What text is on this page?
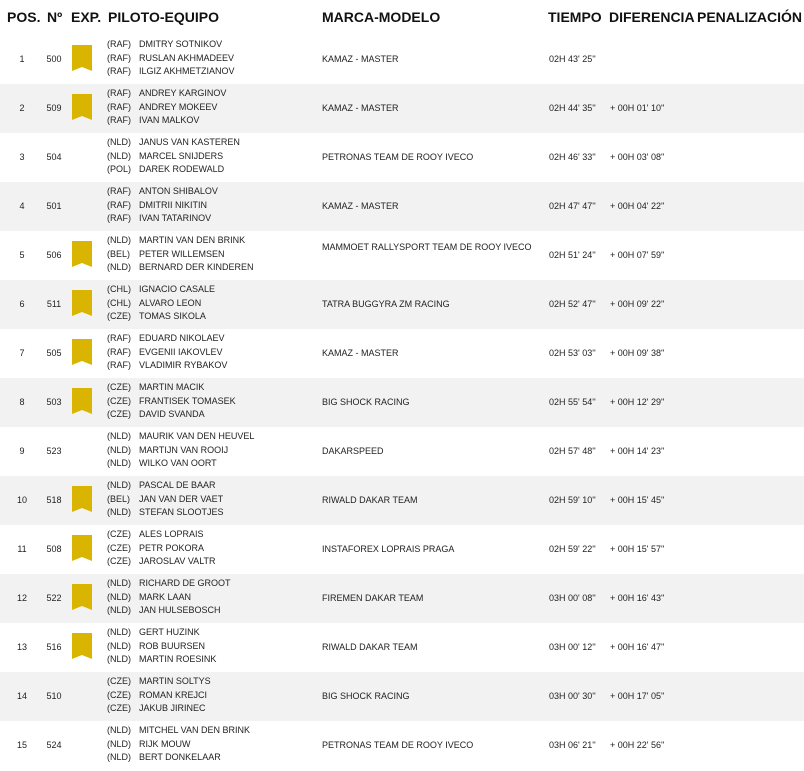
POS. Nº EXP. PILOTO-EQUIPO	MARCA-MODELO	TIEMPO DIFERENCIA PENALIZACIÓN
1	500
(RAF) DMITRY SOTNIKOV
(RAF) RUSLAN AKHMADEEV
(RAF) ILGIZ AKHMETZIANOV
KAMAZ - MASTER	02H 43' 25''
2	509
(RAF) ANDREY KARGINOV
(RAF) ANDREY MOKEEV
(RAF) IVAN MALKOV
KAMAZ - MASTER	02H 44' 35'' + 00H 01' 10''
3	504
(NLD) JANUS VAN KASTEREN
(NLD) MARCEL SNIJDERS
(POL) DAREK RODEWALD
PETRONAS TEAM DE ROOY IVECO	02H 46' 33'' + 00H 03' 08''
4	501
(RAF) ANTON SHIBALOV
(RAF) DMITRII NIKITIN
(RAF) IVAN TATARINOV
KAMAZ - MASTER	02H 47' 47'' + 00H 04' 22''
5	506
(NLD) MARTIN VAN DEN BRINK
(BEL) PETER WILLEMSEN
(NLD) BERNARD DER KINDEREN
MAMMOET RALLYSPORT TEAM DE ROOY IVECO
02H 51' 24'' + 00H 07' 59''
6	511
(CHL) IGNACIO CASALE
(CHL) ALVARO LEON
(CZE) TOMAS SIKOLA
TATRA BUGGYRA ZM RACING	02H 52' 47'' + 00H 09' 22''
7	505
(RAF) EDUARD NIKOLAEV
(RAF) EVGENII IAKOVLEV
(RAF) VLADIMIR RYBAKOV
KAMAZ - MASTER	02H 53' 03'' + 00H 09' 38''
8	503
(CZE) MARTIN MACIK
(CZE) FRANTISEK TOMASEK
(CZE) DAVID SVANDA
BIG SHOCK RACING	02H 55' 54'' + 00H 12' 29''
9	523
(NLD) MAURIK VAN DEN HEUVEL
(NLD) MARTIJN VAN ROOIJ
(NLD) WILKO VAN OORT
DAKARSPEED	02H 57' 48'' + 00H 14' 23''
10	518
(NLD) PASCAL DE BAAR
(BEL) JAN VAN DER VAET
(NLD) STEFAN SLOOTJES
RIWALD DAKAR TEAM	02H 59' 10'' + 00H 15' 45''
11	508
(CZE) ALES LOPRAIS
(CZE) PETR POKORA
(CZE) JAROSLAV VALTR
INSTAFOREX LOPRAIS PRAGA	02H 59' 22'' + 00H 15' 57''
12	522
(NLD) RICHARD DE GROOT
(NLD) MARK LAAN
(NLD) JAN HULSEBOSCH
FIREMEN DAKAR TEAM	03H 00' 08'' + 00H 16' 43''
13	516
(NLD) GERT HUZINK
(NLD) ROB BUURSEN
(NLD) MARTIN ROESINK
RIWALD DAKAR TEAM	03H 00' 12'' + 00H 16' 47''
14	510
(CZE) MARTIN SOLTYS
(CZE) ROMAN KREJCI
(CZE) JAKUB JIRINEC
BIG SHOCK RACING	03H 00' 30'' + 00H 17' 05''
15	524
(NLD) MITCHEL VAN DEN BRINK
(NLD) RIJK MOUW
(NLD) BERT DONKELAAR
PETRONAS TEAM DE ROOY IVECO	03H 06' 21'' + 00H 22' 56''
